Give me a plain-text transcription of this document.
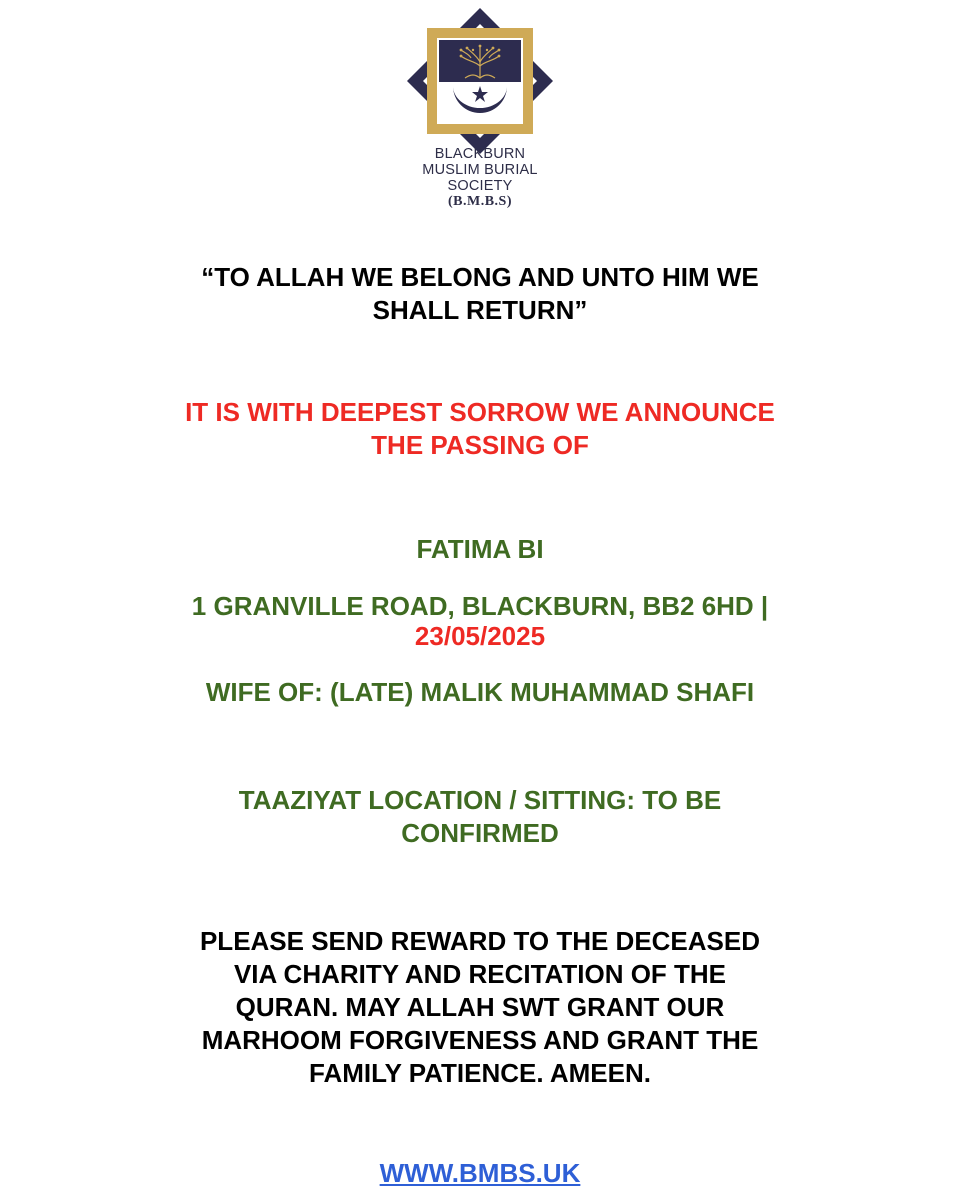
BLACKBURN
MUSLIM BURIAL
SOCIETY
(B.M.B.S)

“TO ALLAH WE BELONG AND UNTO HIM WE SHALL RETURN”

IT IS WITH DEEPEST SORROW WE ANNOUNCE THE PASSING OF

FATIMA BI

1 GRANVILLE ROAD, BLACKBURN, BB2 6HD |

23/05/2025

WIFE OF: (LATE) MALIK MUHAMMAD SHAFI

TAAZIYAT LOCATION / SITTING: TO BE CONFIRMED

PLEASE SEND REWARD TO THE DECEASED VIA CHARITY AND RECITATION OF THE QURAN. MAY ALLAH SWT GRANT OUR MARHOOM FORGIVENESS AND GRANT THE FAMILY PATIENCE. AMEEN.

WWW.BMBS.UK
